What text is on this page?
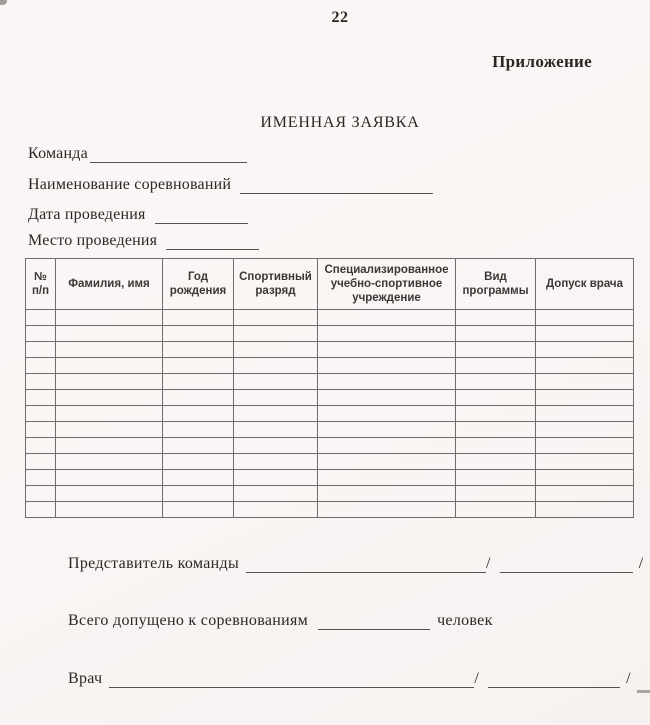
22
Приложение
ИМЕННАЯ ЗАЯВКА
Команда
Наименование соревнований
Дата проведения
Место проведения
№ п/п	Фамилия, имя	Год рождения	Спортивный разряд	Специализированное учебно-спортивное учреждение	Вид программы	Допуск врача

Представитель команды	/	/
Всего допущено к соревнованиям	человек
Врач	/	/
